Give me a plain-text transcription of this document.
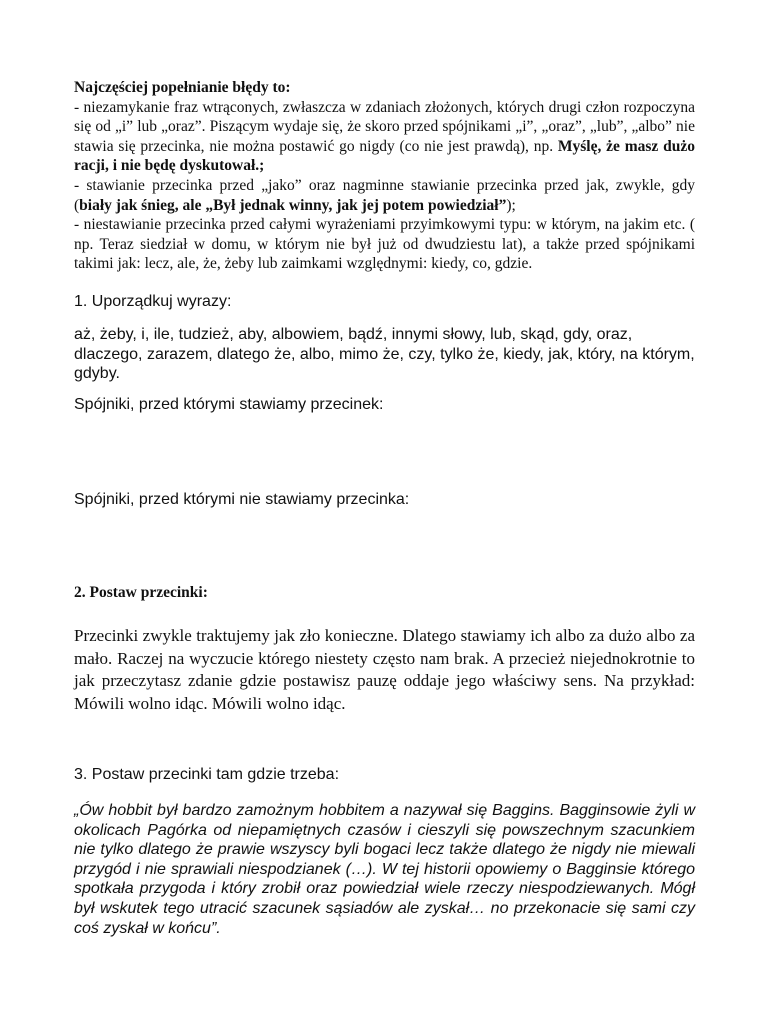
Najczęściej popełnianie błędy to:

- niezamykanie fraz wtrąconych, zwłaszcza w zdaniach złożonych, których drugi człon rozpoczyna się od „i” lub „oraz”. Piszącym wydaje się, że skoro przed spójnikami „i”, „oraz”, „lub”, „albo” nie stawia się przecinka, nie można postawić go nigdy (co nie jest prawdą), np. Myślę, że masz dużo racji, i nie będę dyskutował.;

- stawianie przecinka przed „jako” oraz nagminne stawianie przecinka przed jak, zwykle, gdy (biały jak śnieg, ale „Był jednak winny, jak jej potem powiedział”);

- niestawianie przecinka przed całymi wyrażeniami przyimkowymi typu: w którym, na jakim etc. ( np. Teraz siedział w domu, w którym nie był już od dwudziestu lat), a także przed spójnikami takimi jak: lecz, ale, że, żeby lub zaimkami względnymi: kiedy, co, gdzie.

1. Uporządkuj wyrazy:
aż, żeby, i, ile, tudzież, aby, albowiem, bądź, innymi słowy, lub, skąd, gdy, oraz, dlaczego, zarazem, dlatego że, albo, mimo że, czy, tylko że, kiedy, jak, który, na którym, gdyby.
Spójniki, przed którymi stawiamy przecinek:
Spójniki, przed którymi nie stawiamy przecinka:
2. Postaw przecinki:
Przecinki zwykle traktujemy jak zło konieczne. Dlatego stawiamy ich albo za dużo albo za mało. Raczej na wyczucie którego niestety często nam brak. A przecież niejednokrotnie to jak przeczytasz zdanie gdzie postawisz pauzę oddaje jego właściwy sens. Na przykład: Mówili wolno idąc. Mówili wolno idąc.
3. Postaw przecinki tam gdzie trzeba:
„Ów hobbit był bardzo zamożnym hobbitem a nazywał się Baggins. Bagginsowie żyli w okolicach Pagórka od niepamiętnych czasów i cieszyli się powszechnym szacunkiem nie tylko dlatego że prawie wszyscy byli bogaci lecz także dlatego że nigdy nie miewali przygód i nie sprawiali niespodzianek (…). W tej historii opowiemy o Bagginsie którego spotkała przygoda i który zrobił oraz powiedział wiele rzeczy niespodziewanych. Mógł był wskutek tego utracić szacunek sąsiadów ale zyskał… no przekonacie się sami czy coś zyskał w końcu”.
